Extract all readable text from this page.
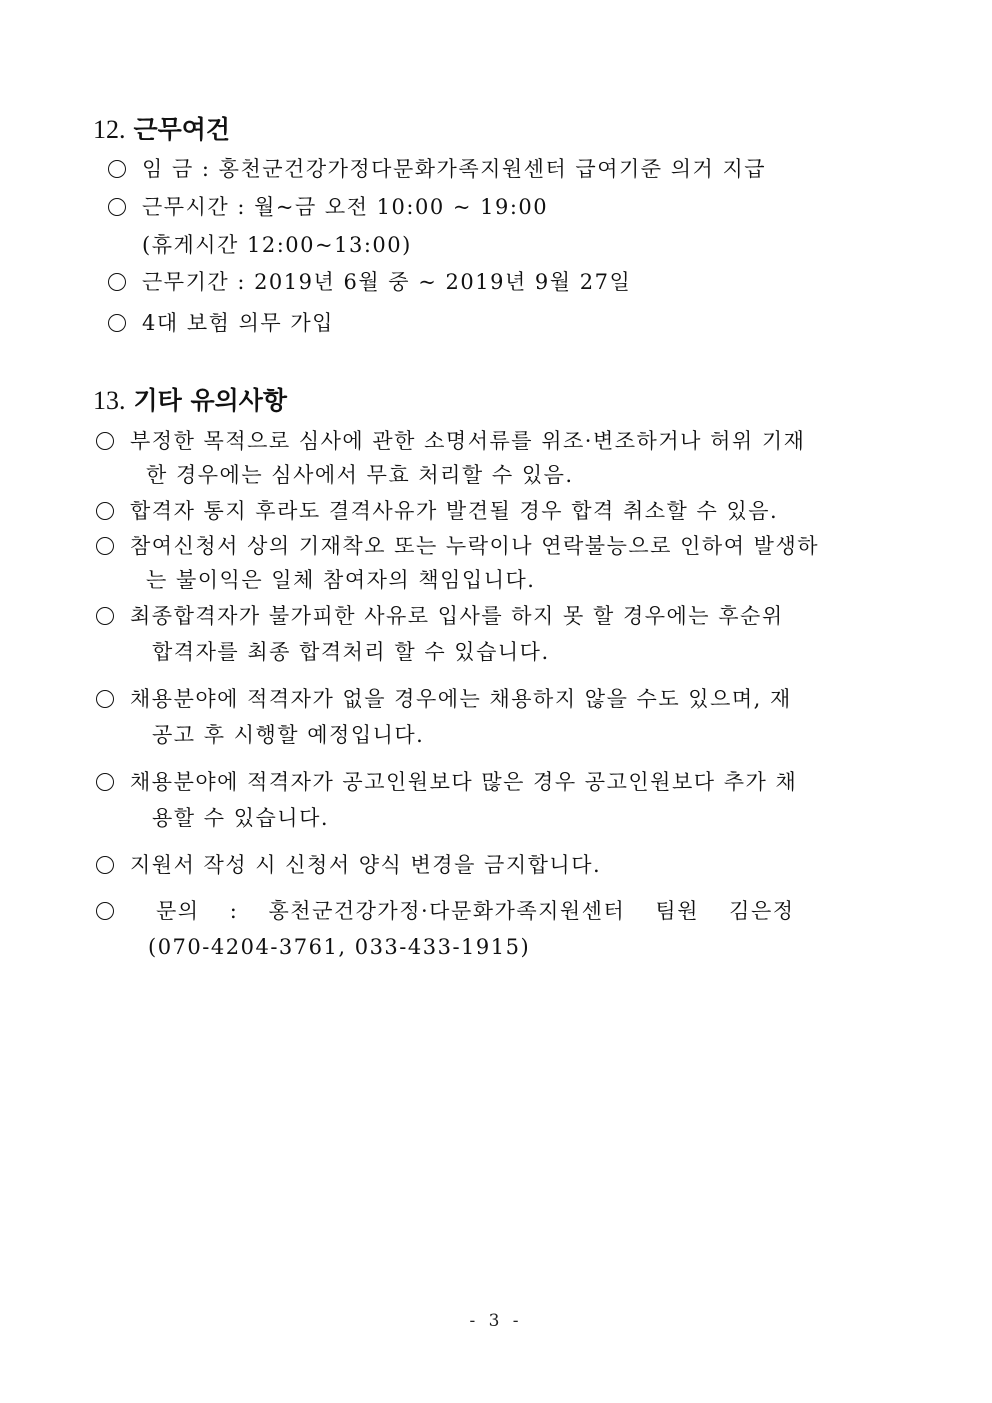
12. 근무여건
임 금 : 홍천군건강가정다문화가족지원센터 급여기준 의거 지급
근무시간 : 월~금 오전 10:00 ~ 19:00
(휴게시간 12:00~13:00)
근무기간 : 2019년 6월 중 ~ 2019년 9월 27일
4대 보험 의무 가입
13. 기타 유의사항
부정한 목적으로 심사에 관한 소명서류를 위조·변조하거나 허위 기재
한 경우에는 심사에서 무효 처리할 수 있음.
합격자 통지 후라도 결격사유가 발견될 경우 합격 취소할 수 있음.
참여신청서 상의 기재착오 또는 누락이나 연락불능으로 인하여 발생하
는 불이익은 일체 참여자의 책임입니다.
최종합격자가 불가피한 사유로 입사를 하지 못 할 경우에는 후순위
합격자를 최종 합격처리 할 수 있습니다.
채용분야에 적격자가 없을 경우에는 채용하지 않을 수도 있으며, 재
공고 후 시행할 예정입니다.
채용분야에 적격자가 공고인원보다 많은 경우 공고인원보다 추가 채
용할 수 있습니다.
지원서 작성 시 신청서 양식 변경을 금지합니다.
문의 : 홍천군건강가정·다문화가족지원센터 팀원 김은정
(070-4204-3761, 033-433-1915)
- 3 -
